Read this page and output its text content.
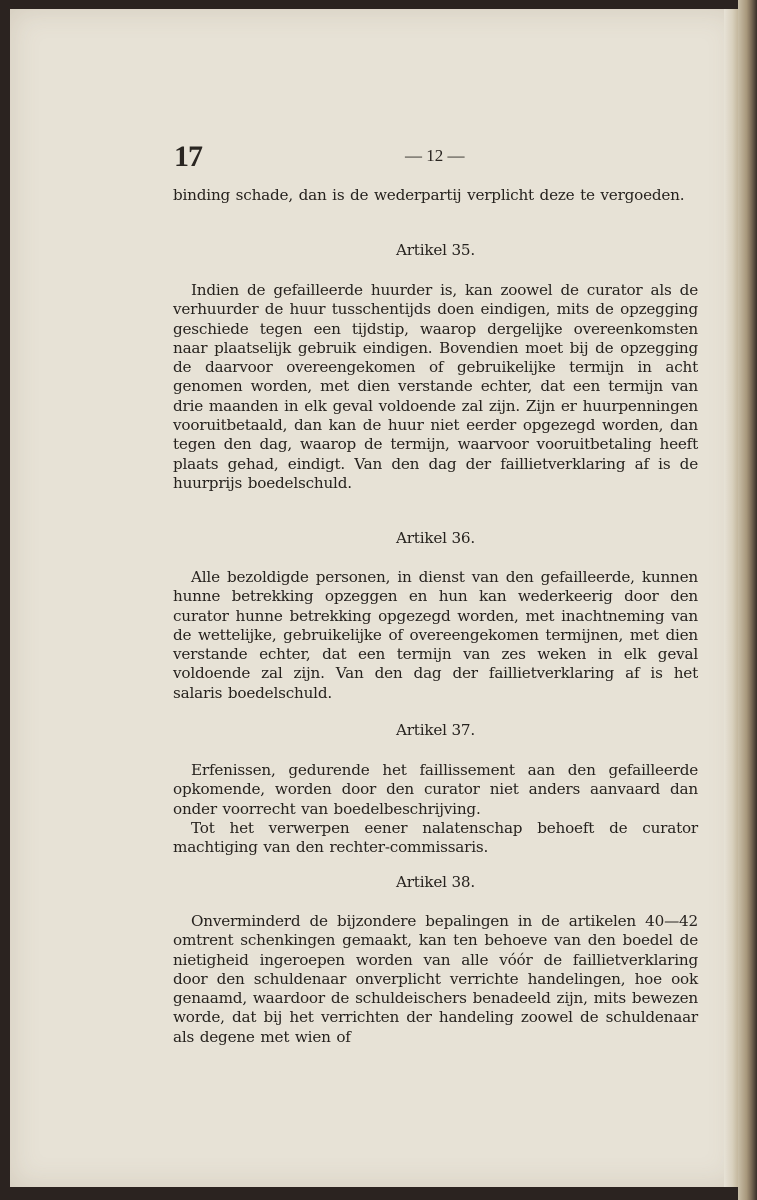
17	— 12 —
binding schade, dan is de wederpartij verplicht deze te vergoeden.
Artikel 35.
Indien de gefailleerde huurder is, kan zoowel de curator als de verhuurder de huur tusschentijds doen eindigen, mits de opzegging geschiede tegen een tijdstip, waarop dergelijke overeenkomsten naar plaatselijk gebruik eindigen. Bovendien moet bij de opzegging de daarvoor overeengekomen of gebruikelijke termijn in acht genomen worden, met dien verstande echter, dat een termijn van drie maanden in elk geval voldoende zal zijn. Zijn er huurpenningen vooruitbetaald, dan kan de huur niet eerder opgezegd worden, dan tegen den dag, waarop de termijn, waarvoor vooruitbetaling heeft plaats gehad, eindigt. Van den dag der faillietverklaring af is de huurprijs boedelschuld.
Artikel 36.
Alle bezoldigde personen, in dienst van den gefailleerde, kunnen hunne betrekking opzeggen en hun kan wederkeerig door den curator hunne betrekking opgezegd worden, met inachtneming van de wettelijke, gebruikelijke of overeengekomen termijnen, met dien verstande echter, dat een termijn van zes weken in elk geval voldoende zal zijn. Van den dag der faillietverklaring af is het salaris boedelschuld.
Artikel 37.
Erfenissen, gedurende het faillissement aan den gefailleerde opkomende, worden door den curator niet anders aanvaard dan onder voorrecht van boedelbeschrijving.
Tot het verwerpen eener nalatenschap behoeft de curator machtiging van den rechter-commissaris.
Artikel 38.
Onverminderd de bijzondere bepalingen in de artikelen 40—42 omtrent schenkingen gemaakt, kan ten behoeve van den boedel de nietigheid ingeroepen worden van alle vóór de faillietverklaring door den schuldenaar onverplicht verrichte handelingen, hoe ook genaamd, waardoor de schuldeischers benadeeld zijn, mits bewezen worde, dat bij het verrichten der handeling zoowel de schuldenaar als degene met wien of
